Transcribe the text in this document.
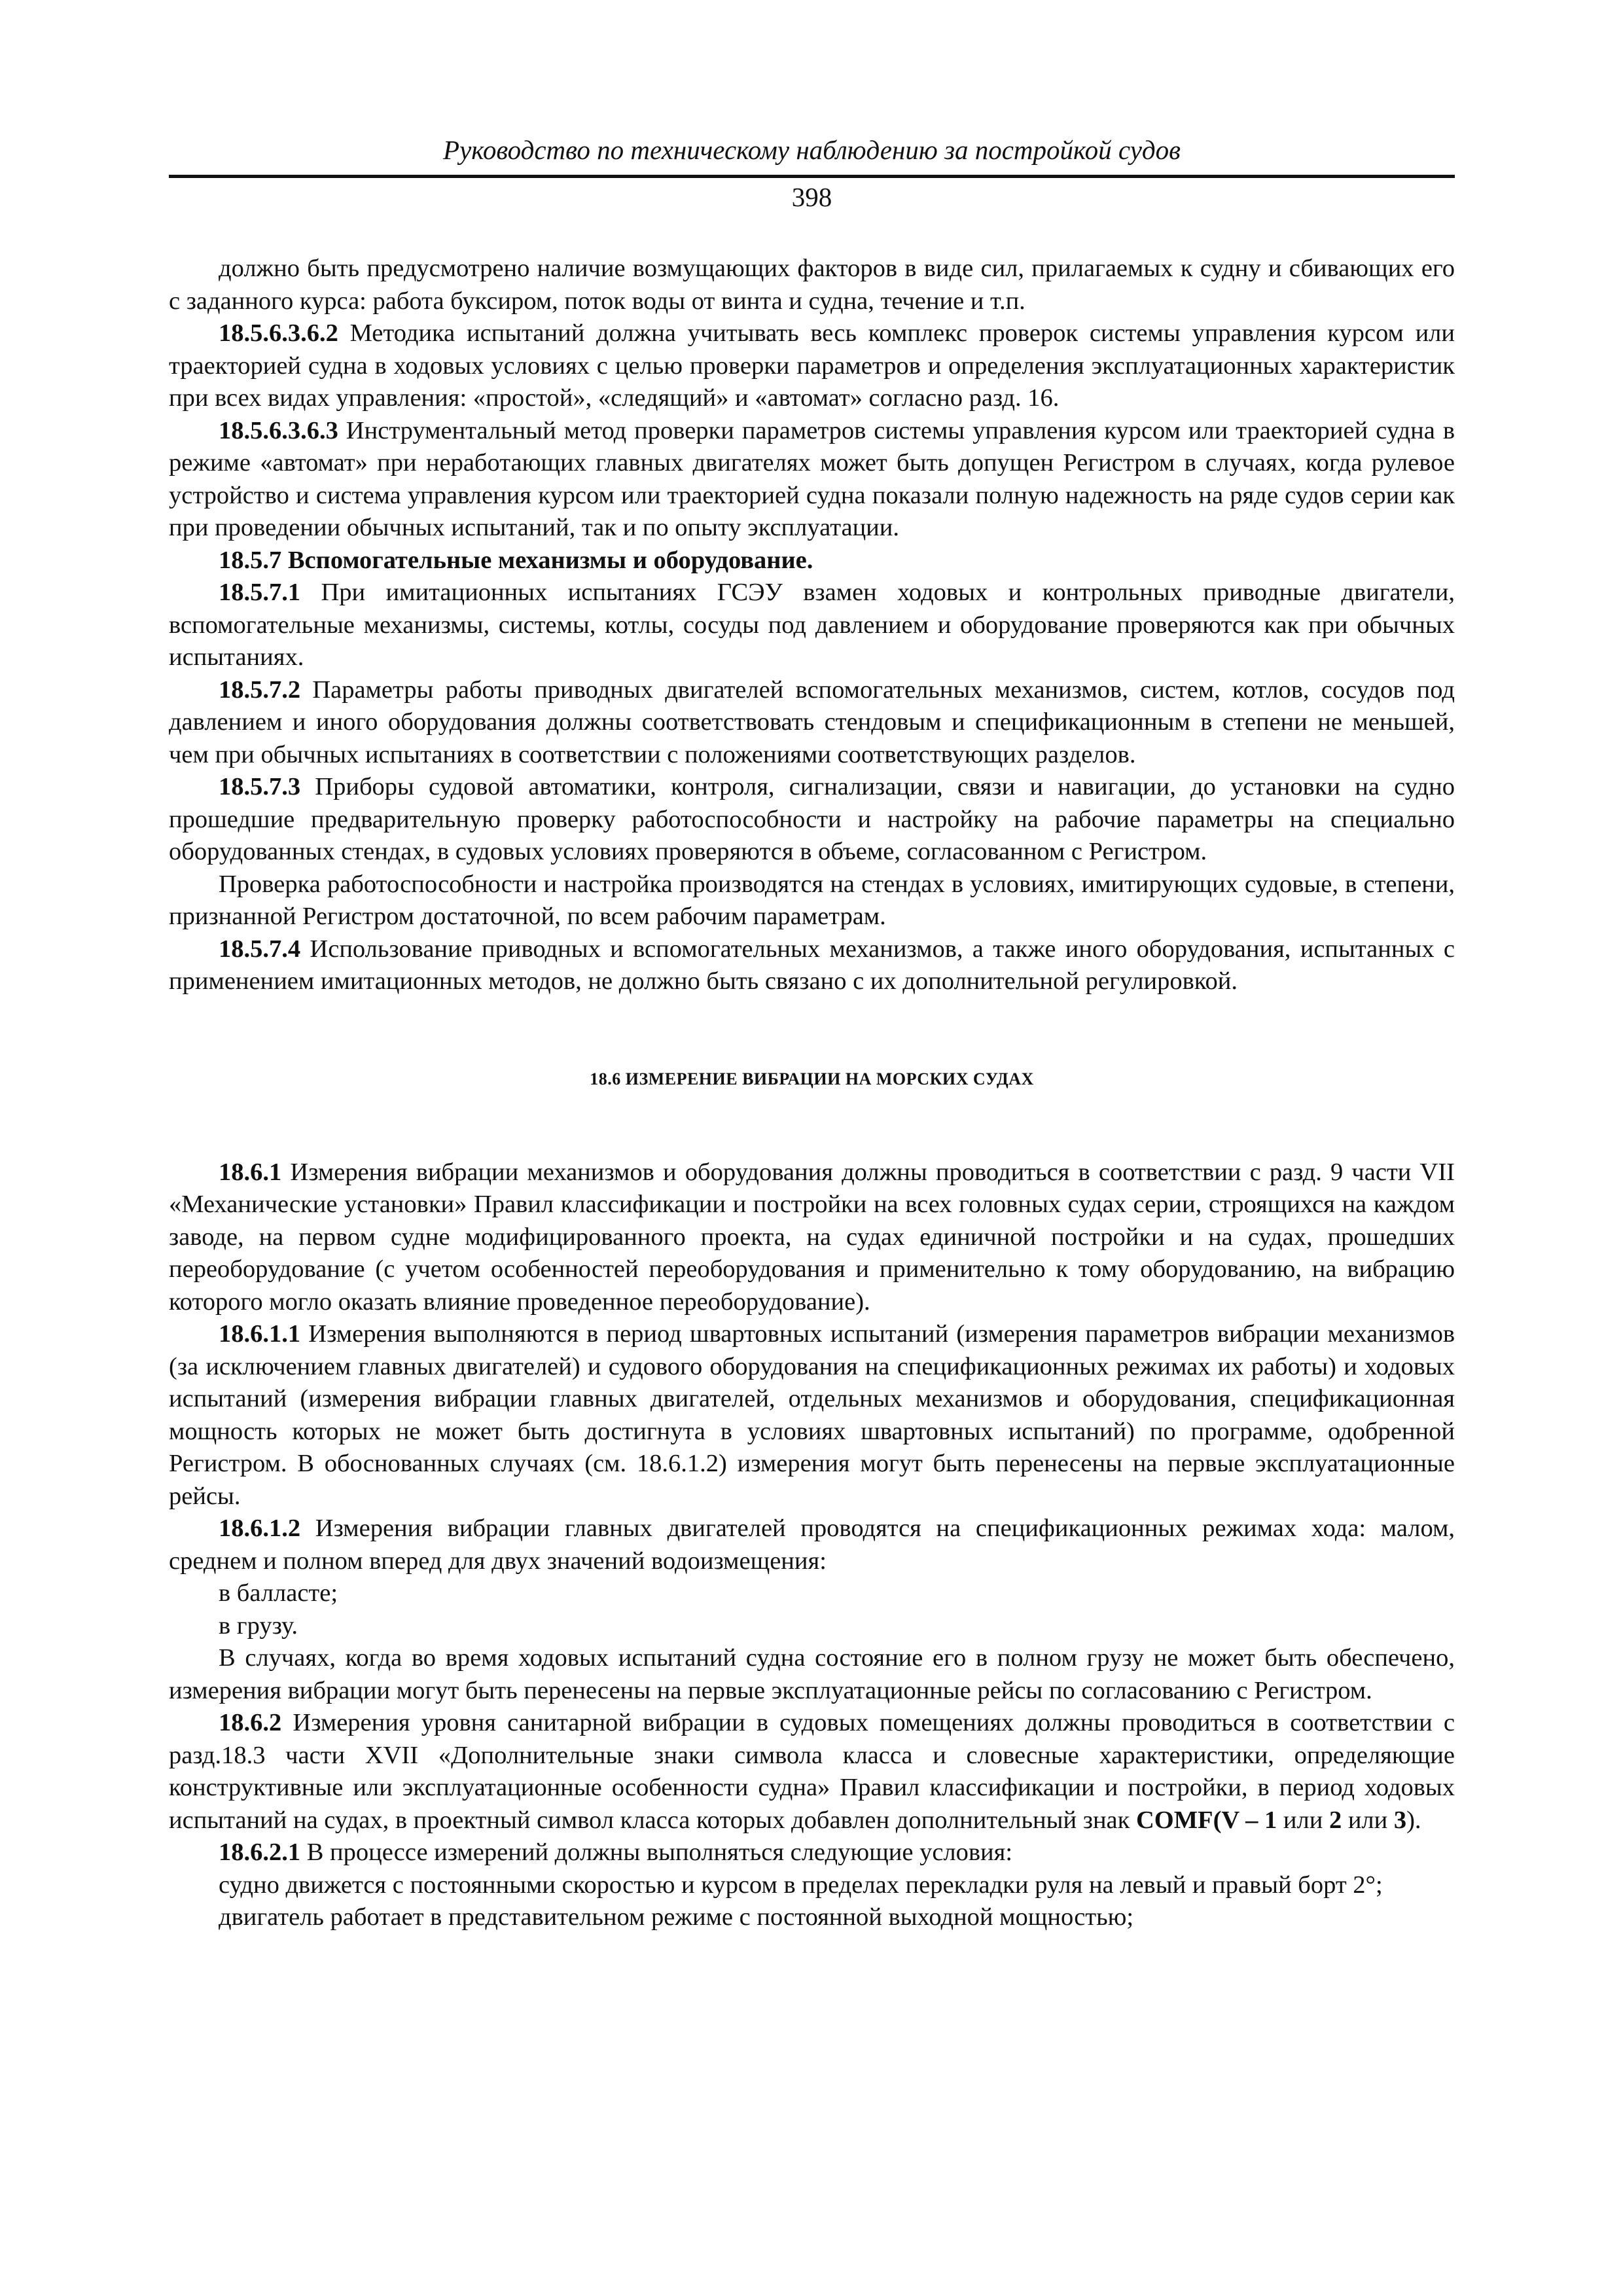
Руководство по техническому наблюдению за постройкой судов
398

должно быть предусмотрено наличие возмущающих факторов в виде сил, прилагаемых к судну и сбивающих его с заданного курса: работа буксиром, поток воды от винта и судна, течение и т.п.

18.5.6.3.6.2 Методика испытаний должна учитывать весь комплекс проверок системы управления курсом или траекторией судна в ходовых условиях с целью проверки параметров и определения эксплуатационных характеристик при всех видах управления: «простой», «следящий» и «автомат» согласно разд. 16.

18.5.6.3.6.3 Инструментальный метод проверки параметров системы управления курсом или траекторией судна в режиме «автомат» при неработающих главных двигателях может быть допущен Регистром в случаях, когда рулевое устройство и система управления курсом или траекторией судна показали полную надежность на ряде судов серии как при проведении обычных испытаний, так и по опыту эксплуатации.

18.5.7 Вспомогательные механизмы и оборудование.

18.5.7.1 При имитационных испытаниях ГСЭУ взамен ходовых и контрольных приводные двигатели, вспомогательные механизмы, системы, котлы, сосуды под давлением и оборудование проверяются как при обычных испытаниях.

18.5.7.2 Параметры работы приводных двигателей вспомогательных механизмов, систем, котлов, сосудов под давлением и иного оборудования должны соответствовать стендовым и спецификационным в степени не меньшей, чем при обычных испытаниях в соответствии с положениями соответствующих разделов.

18.5.7.3 Приборы судовой автоматики, контроля, сигнализации, связи и навигации, до установки на судно прошедшие предварительную проверку работоспособности и настройку на рабочие параметры на специально оборудованных стендах, в судовых условиях проверяются в объеме, согласованном с Регистром.

Проверка работоспособности и настройка производятся на стендах в условиях, имитирующих судовые, в степени, признанной Регистром достаточной, по всем рабочим параметрам.

18.5.7.4 Использование приводных и вспомогательных механизмов, а также иного оборудования, испытанных с применением имитационных методов, не должно быть связано с их дополнительной регулировкой.

18.6 ИЗМЕРЕНИЕ ВИБРАЦИИ НА МОРСКИХ СУДАХ

18.6.1 Измерения вибрации механизмов и оборудования должны проводиться в соответствии с разд. 9 части VII «Механические установки» Правил классификации и постройки на всех головных судах серии, строящихся на каждом заводе, на первом судне модифицированного проекта, на судах единичной постройки и на судах, прошедших переоборудование (с учетом особенностей переоборудования и применительно к тому оборудованию, на вибрацию которого могло оказать влияние проведенное переоборудование).

18.6.1.1 Измерения выполняются в период швартовных испытаний (измерения параметров вибрации механизмов (за исключением главных двигателей) и судового оборудования на спецификационных режимах их работы) и ходовых испытаний (измерения вибрации главных двигателей, отдельных механизмов и оборудования, спецификационная мощность которых не может быть достигнута в условиях швартовных испытаний) по программе, одобренной Регистром. В обоснованных случаях (см. 18.6.1.2) измерения могут быть перенесены на первые эксплуатационные рейсы.

18.6.1.2 Измерения вибрации главных двигателей проводятся на спецификационных режимах хода: малом, среднем и полном вперед для двух значений водоизмещения:

в балласте;

в грузу.

В случаях, когда во время ходовых испытаний судна состояние его в полном грузу не может быть обеспечено, измерения вибрации могут быть перенесены на первые эксплуатационные рейсы по согласованию с Регистром.

18.6.2 Измерения уровня санитарной вибрации в судовых помещениях должны проводиться в соответствии с разд.18.3 части XVII «Дополнительные знаки символа класса и словесные характеристики, определяющие конструктивные или эксплуатационные особенности судна» Правил классификации и постройки, в период ходовых испытаний на судах, в проектный символ класса которых добавлен дополнительный знак COMF(V – 1 или 2 или 3).

18.6.2.1 В процессе измерений должны выполняться следующие условия:

судно движется с постоянными скоростью и курсом в пределах перекладки руля на левый и правый борт 2°;

двигатель работает в представительном режиме с постоянной выходной мощностью;
